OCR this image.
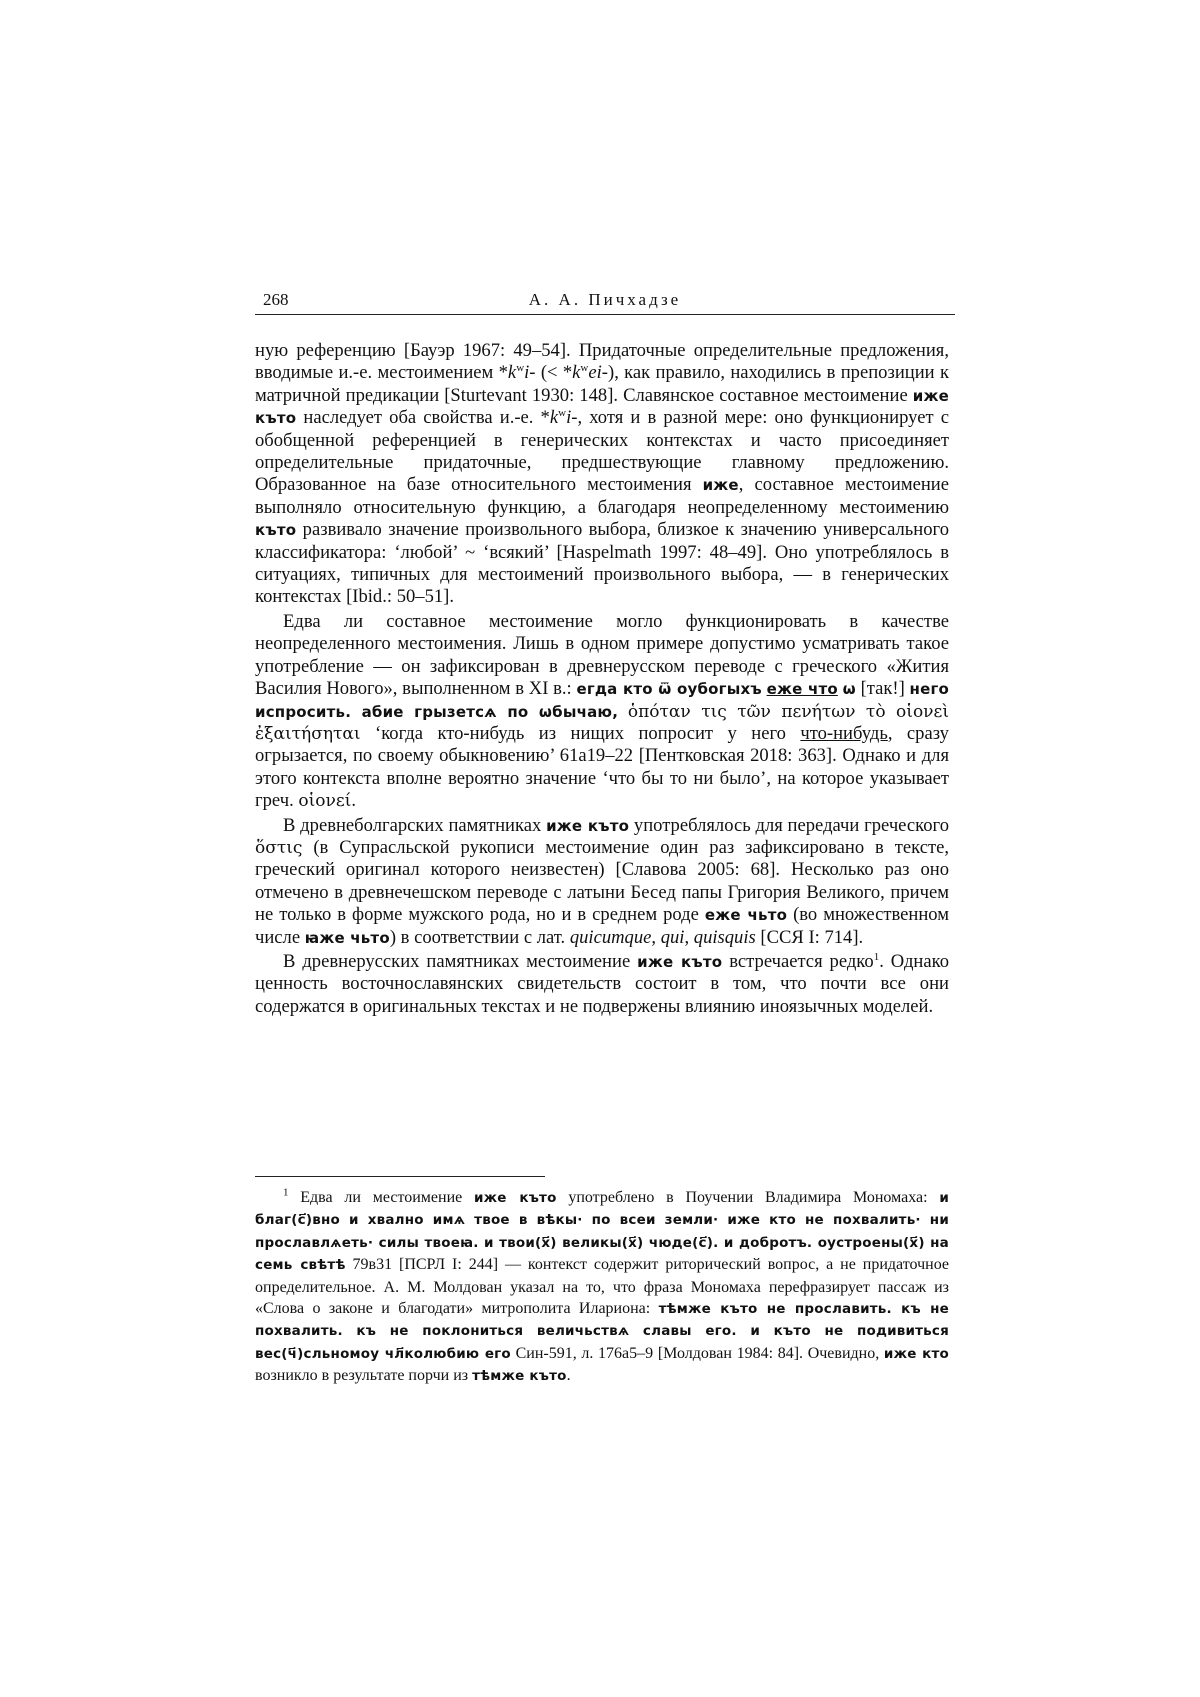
268	А. А. Пичхадзе

ную референцию [Бауэр 1967: 49–54]. Придаточные определительные предложения, вводимые и.-е. местоимением $*k^wi-$ (< $*k^wei-$), как правило, находились в препозиции к матричной предикации [Sturtevant 1930: 148]. Славянское составное местоимение иже къто наследует оба свойства и.-е. $*k^wi-$, хотя и в разной мере: оно функционирует с обобщенной референцией в генерических контекстах и часто присоединяет определительные придаточные, предшествующие главному предложению. Образованное на базе относительного местоимения иже, составное местоимение выполняло относительную функцию, а благодаря неопределенному местоимению къто развивало значение произвольного выбора, близкое к значению универсального классификатора: ‘любой’ ~ ‘всякий’ [Haspelmath 1997: 48–49]. Оно употреблялось в ситуациях, типичных для местоимений произвольного выбора, — в генерических контекстах [Ibid.: 50–51].

Едва ли составное местоимение могло функционировать в качестве неопределенного местоимения. Лишь в одном примере допустимо усматривать такое употребление — он зафиксирован в древнерусском переводе с греческого «Жития Василия Нового», выполненном в XI в.: егда кто ѿ оубогыхъ еже что ѡ [так!] него испросить. абие грызетсѧ по ѡбычаю, ὁπόταν τις τῶν πενήτων τὸ οἱονεὶ ἐξαιτήσηται ‘когда кто-нибудь из нищих попросит у него что-нибудь, сразу огрызается, по своему обыкновению’ 61а19–22 [Пентковская 2018: 363]. Однако и для этого контекста вполне вероятно значение ‘что бы то ни было’, на которое указывает греч. οἱονεί.

В древнеболгарских памятниках иже къто употреблялось для передачи греческого ὅστις (в Супрасльской рукописи местоимение один раз зафиксировано в тексте, греческий оригинал которого неизвестен) [Славова 2005: 68]. Несколько раз оно отмечено в древнечешском переводе с латыни Бесед папы Григория Великого, причем не только в форме мужского рода, но и в среднем роде еже чьто (во множественном числе ꙗже чьто) в соответствии с лат. quicumque, qui, quisquis [ССЯ I: 714].

В древнерусских памятниках местоимение иже къто встречается редко$^1$. Однако ценность восточнославянских свидетельств состоит в том, что почти все они содержатся в оригинальных текстах и не подвержены влиянию иноязычных моделей.

$^1$ Едва ли местоимение иже къто употреблено в Поучении Владимира Мономаха: и благ(с҃)вно и хвално имѧ твое в вѣкы· по всеи земли· иже кто не похвалить· ни прославлѧеть· силы твоеꙗ. и твои(х҃) великы(х҃) чюде(с҃). и добротъ. оустроены(х҃) на семь свѣтѣ 79в31 [ПСРЛ I: 244] — контекст содержит риторический вопрос, а не придаточное определительное. А. М. Молдован указал на то, что фраза Мономаха перефразирует пассаж из «Слова о законе и благодати» митрополита Илариона: тѣмже къто не прославить. къ не похвалить. къ не поклониться величьствѧ славы его. и къто не подивиться вес(ч҃)сльномоу чл҃колюбию его Син-591, л. 176а5–9 [Молдован 1984: 84]. Очевидно, иже кто возникло в результате порчи из тѣмже къто.
